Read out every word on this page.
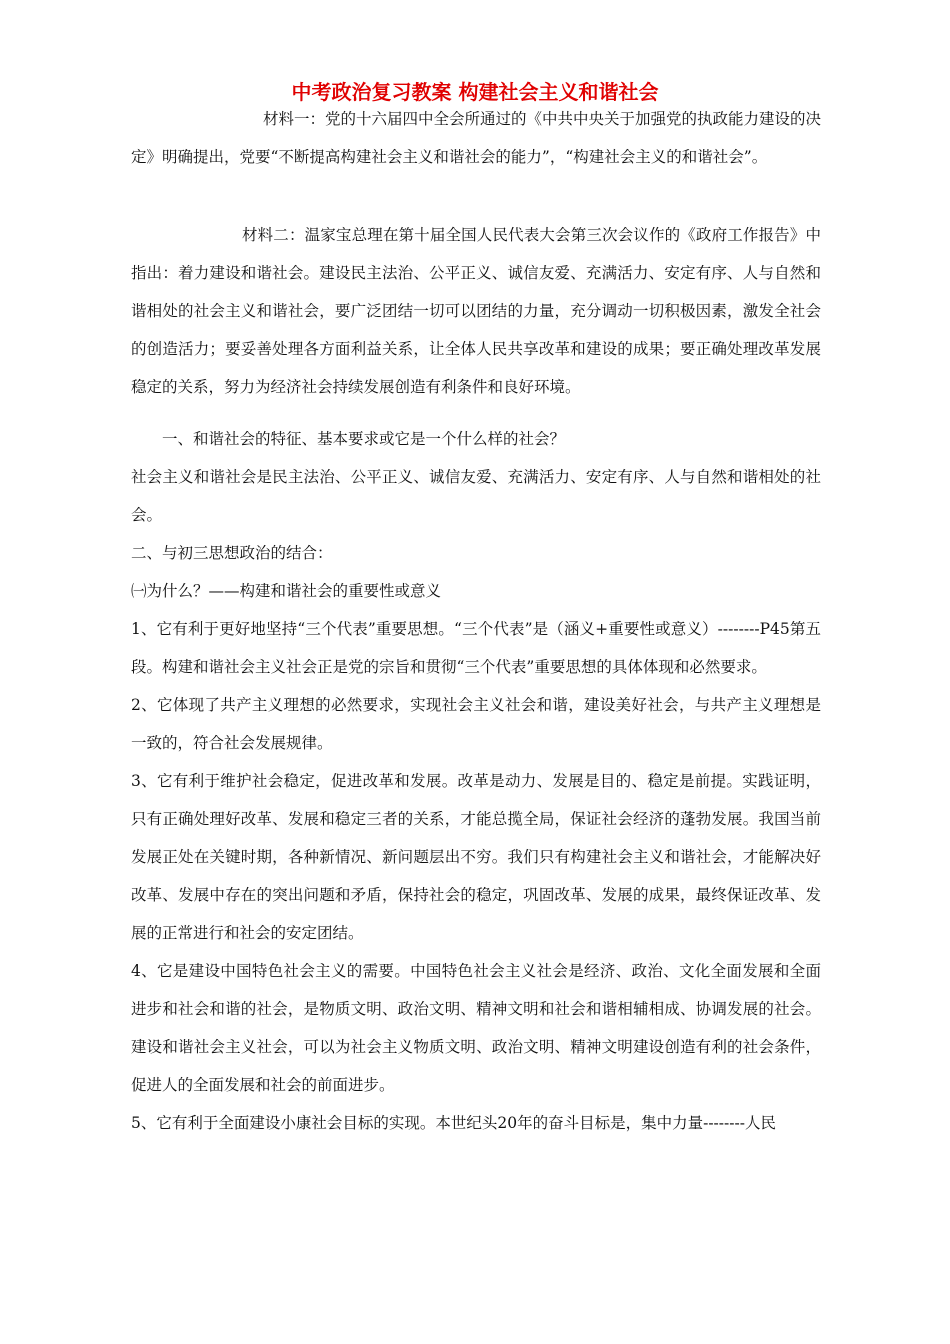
中考政治复习教案 构建社会主义和谐社会

材料一：党的十六届四中全会所通过的《中共中央关于加强党的执政能力建设的决定》明确提出，党要“不断提高构建社会主义和谐社会的能力”，“构建社会主义的和谐社会”。

材料二：温家宝总理在第十届全国人民代表大会第三次会议作的《政府工作报告》中指出：着力建设和谐社会。建设民主法治、公平正义、诚信友爱、充满活力、安定有序、人与自然和谐相处的社会主义和谐社会，要广泛团结一切可以团结的力量，充分调动一切积极因素，激发全社会的创造活力；要妥善处理各方面利益关系，让全体人民共享改革和建设的成果；要正确处理改革发展稳定的关系，努力为经济社会持续发展创造有利条件和良好环境。

一、和谐社会的特征、基本要求或它是一个什么样的社会？

社会主义和谐社会是民主法治、公平正义、诚信友爱、充满活力、安定有序、人与自然和谐相处的社会。

二、与初三思想政治的结合：

㈠为什么？——构建和谐社会的重要性或意义

1、它有利于更好地坚持“三个代表”重要思想。“三个代表”是（涵义+重要性或意义）--------P45第五段。构建和谐社会主义社会正是党的宗旨和贯彻“三个代表”重要思想的具体体现和必然要求。

2、它体现了共产主义理想的必然要求，实现社会主义社会和谐，建设美好社会，与共产主义理想是一致的，符合社会发展规律。

3、它有利于维护社会稳定，促进改革和发展。改革是动力、发展是目的、稳定是前提。实践证明，只有正确处理好改革、发展和稳定三者的关系，才能总揽全局，保证社会经济的蓬勃发展。我国当前发展正处在关键时期，各种新情况、新问题层出不穷。我们只有构建社会主义和谐社会，才能解决好改革、发展中存在的突出问题和矛盾，保持社会的稳定，巩固改革、发展的成果，最终保证改革、发展的正常进行和社会的安定团结。

4、它是建设中国特色社会主义的需要。中国特色社会主义社会是经济、政治、文化全面发展和全面进步和社会和谐的社会，是物质文明、政治文明、精神文明和社会和谐相辅相成、协调发展的社会。建设和谐社会主义社会，可以为社会主义物质文明、政治文明、精神文明建设创造有利的社会条件，促进人的全面发展和社会的前面进步。

5、它有利于全面建设小康社会目标的实现。本世纪头20年的奋斗目标是，集中力量--------人民
